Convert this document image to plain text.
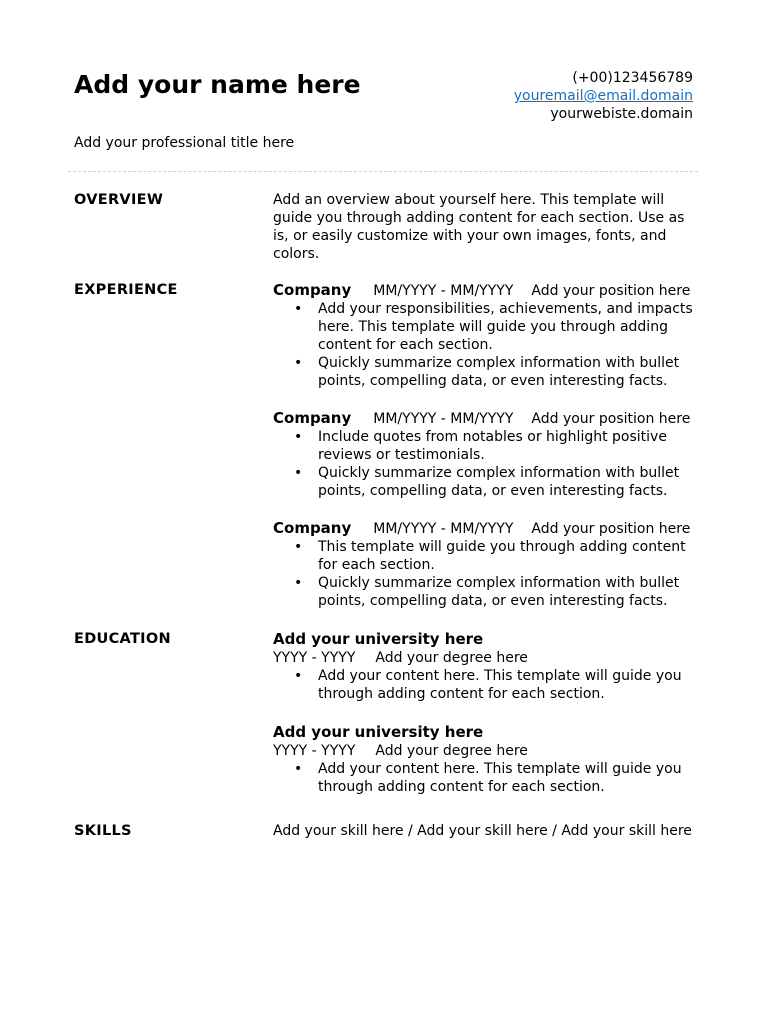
Add your name here
Add your professional title here
(+00)123456789
youremail@email.domain
yourwebiste.domain
OVERVIEW	Add an overview about yourself here. This template will guide you through adding content for each section. Use as is, or easily customize with your own images, fonts, and colors.
EXPERIENCE	Company MM/YYYY - MM/YYYY Add your position here
• Add your responsibilities, achievements, and impacts here. This template will guide you through adding content for each section.
• Quickly summarize complex information with bullet points, compelling data, or even interesting facts.
Company MM/YYYY - MM/YYYY Add your position here
• Include quotes from notables or highlight positive reviews or testimonials.
• Quickly summarize complex information with bullet points, compelling data, or even interesting facts.
Company MM/YYYY - MM/YYYY Add your position here
• This template will guide you through adding content for each section.
• Quickly summarize complex information with bullet points, compelling data, or even interesting facts.
EDUCATION	Add your university here
YYYY - YYYY Add your degree here
• Add your content here. This template will guide you through adding content for each section.
Add your university here
YYYY - YYYY Add your degree here
• Add your content here. This template will guide you through adding content for each section.
SKILLS	Add your skill here / Add your skill here / Add your skill here
